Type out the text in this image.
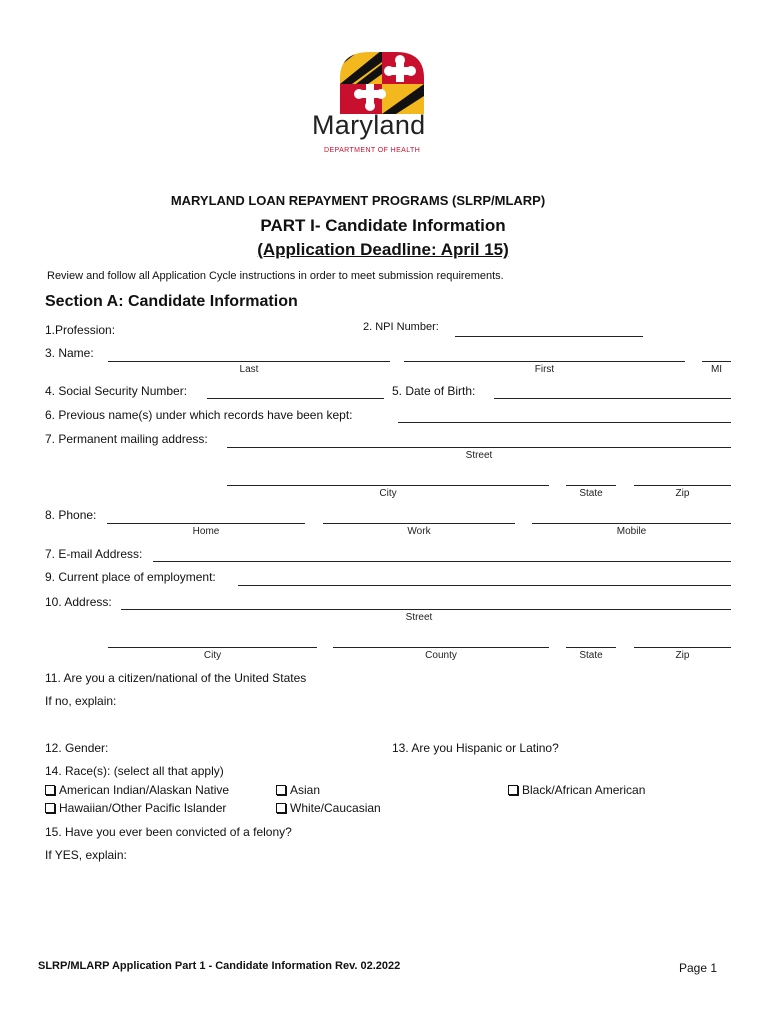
Maryland
DEPARTMENT OF HEALTH
MARYLAND LOAN REPAYMENT PROGRAMS (SLRP/MLARP)
PART I- Candidate Information
(Application Deadline: April 15)
Review and follow all Application Cycle instructions in order to meet submission requirements.
Section A: Candidate Information
1.Profession:	2. NPI Number:
3. Name:
Last	First	MI
4. Social Security Number:	5. Date of Birth:
6. Previous name(s) under which records have been kept:
7. Permanent mailing address:
Street
City	State	Zip
8. Phone:
Home	Work	Mobile
7. E-mail Address:
9. Current place of employment:
10. Address:
Street
City	County	State	Zip
11. Are you a citizen/national of the United States
If no, explain:
12. Gender:	13. Are you Hispanic or Latino?
14. Race(s): (select all that apply)
American Indian/Alaskan Native	Asian	Black/African American
Hawaiian/Other Pacific Islander	White/Caucasian
15. Have you ever been convicted of a felony?
If YES, explain:
SLRP/MLARP Application Part 1 - Candidate Information Rev. 02.2022	Page 1
